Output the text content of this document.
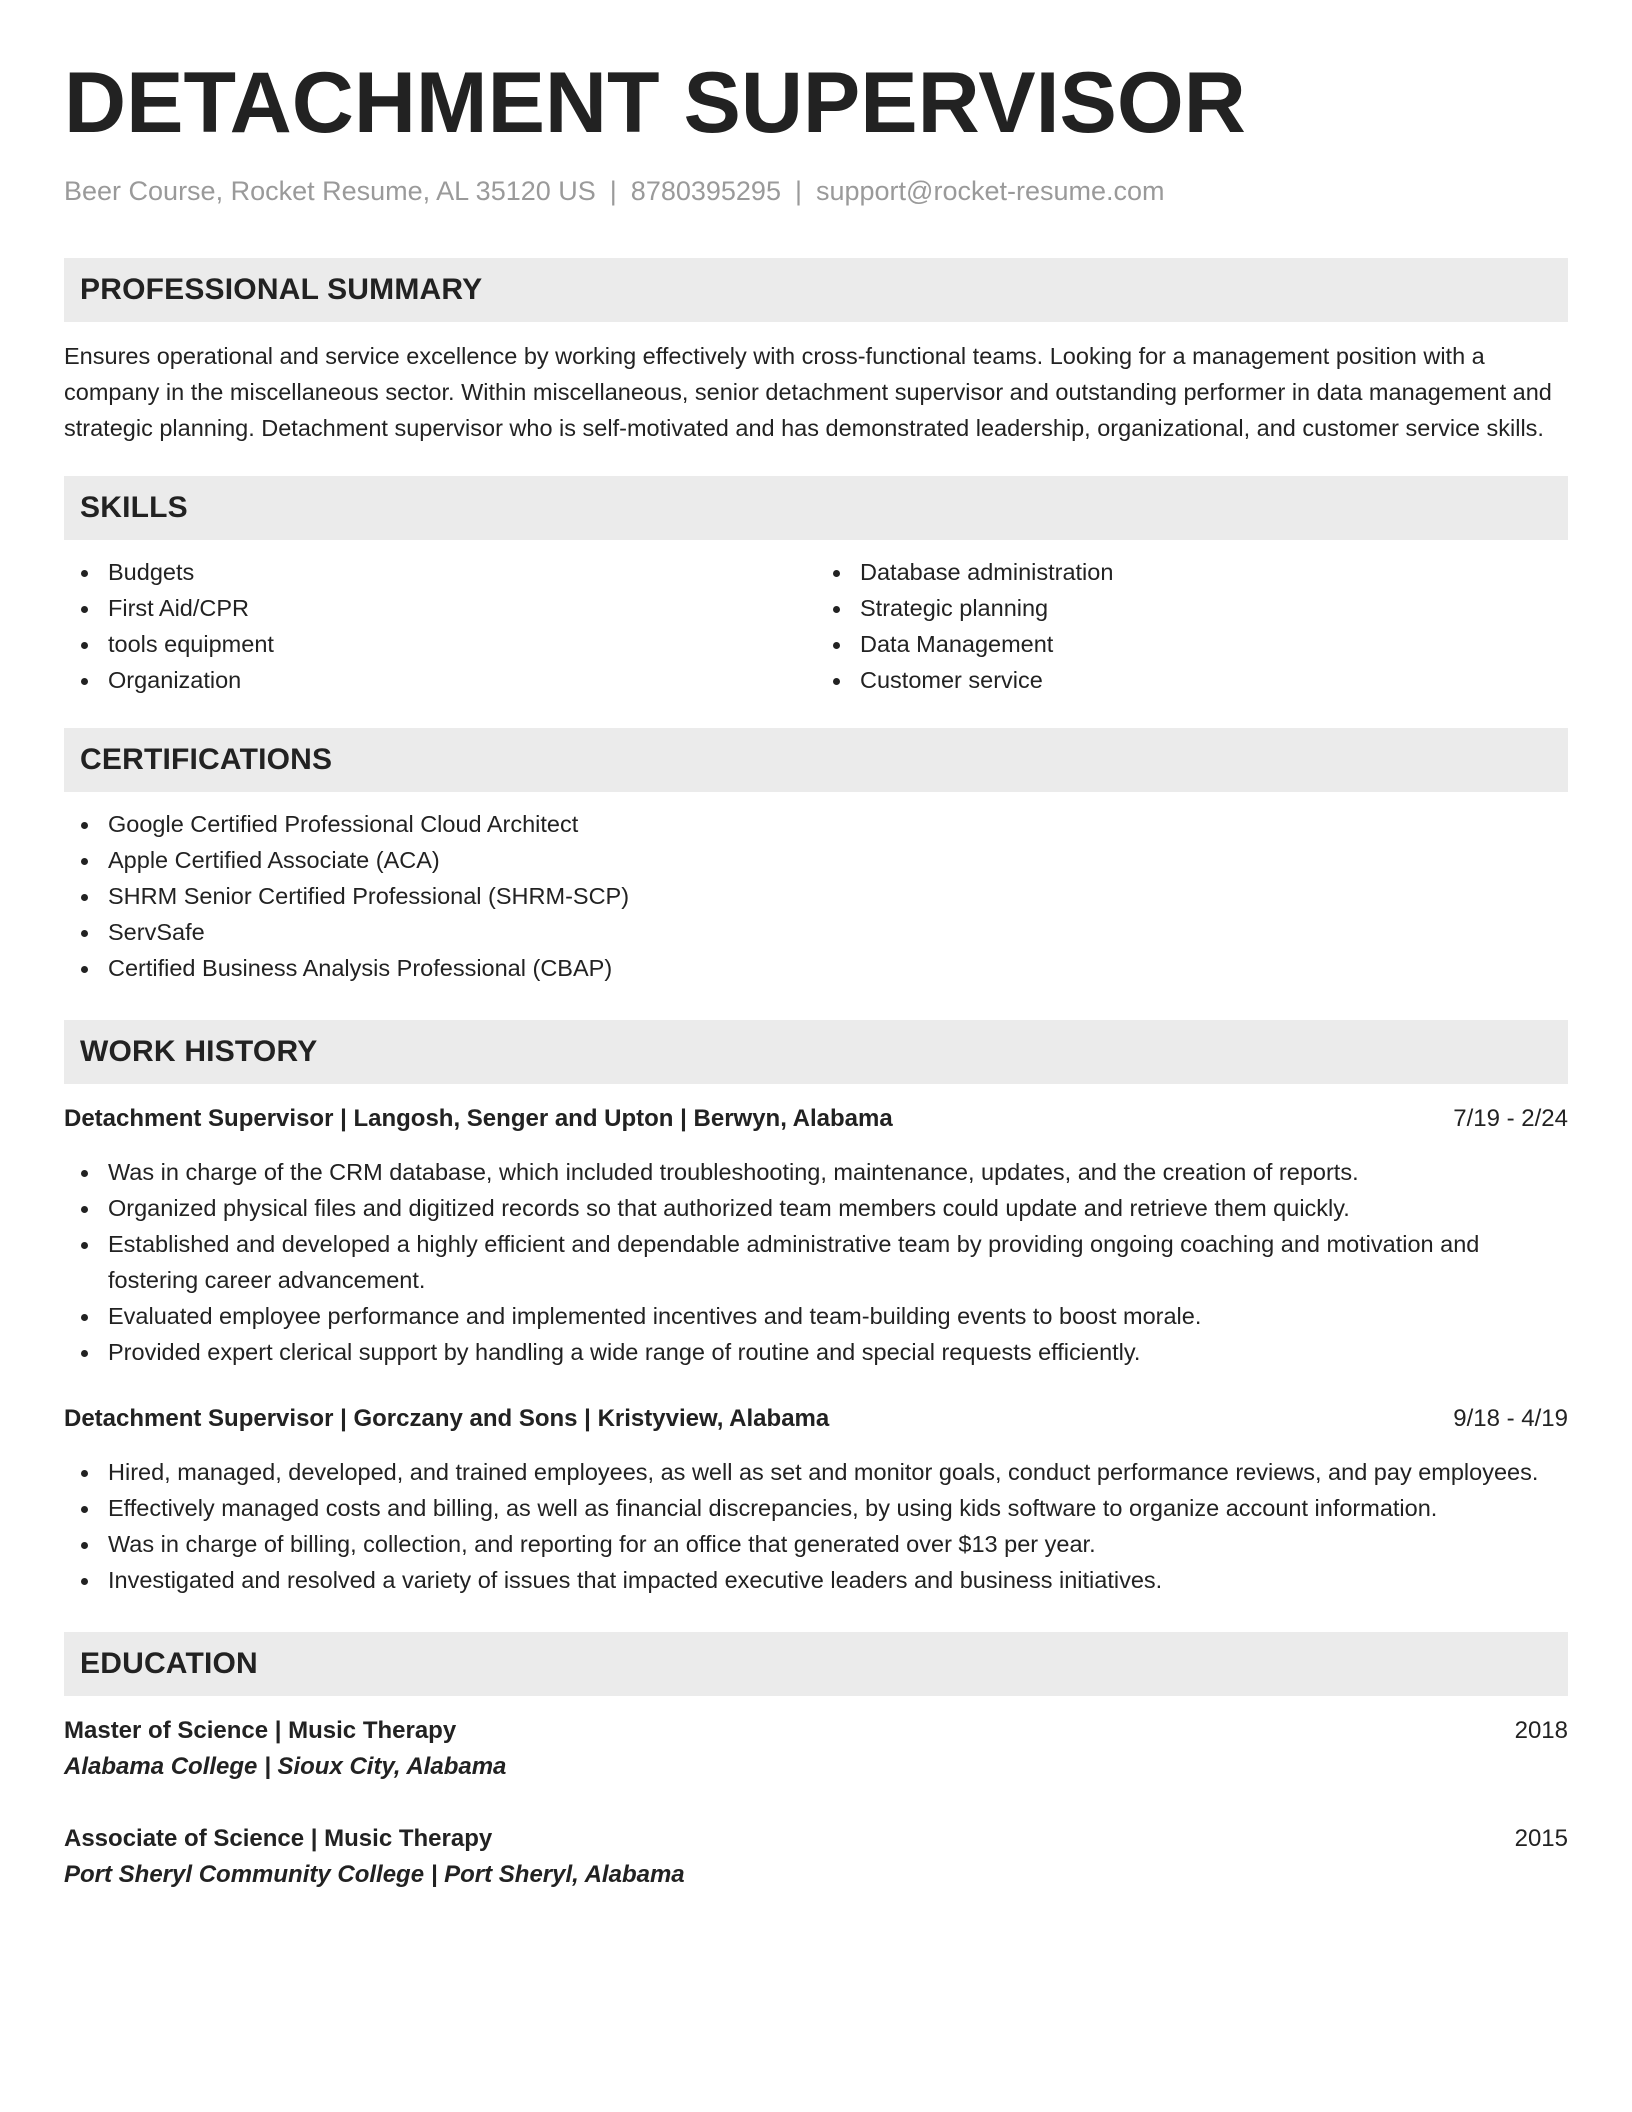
DETACHMENT SUPERVISOR
Beer Course, Rocket Resume, AL 35120 US | 8780395295 | support@rocket-resume.com
PROFESSIONAL SUMMARY

Ensures operational and service excellence by working effectively with cross-functional teams. Looking for a management position with a company in the miscellaneous sector. Within miscellaneous, senior detachment supervisor and outstanding performer in data management and strategic planning. Detachment supervisor who is self-motivated and has demonstrated leadership, organizational, and customer service skills.

SKILLS
Budgets
First Aid/CPR
tools equipment
Organization
Database administration
Strategic planning
Data Management
Customer service
CERTIFICATIONS
Google Certified Professional Cloud Architect
Apple Certified Associate (ACA)
SHRM Senior Certified Professional (SHRM-SCP)
ServSafe
Certified Business Analysis Professional (CBAP)
WORK HISTORY
Detachment Supervisor | Langosh, Senger and Upton | Berwyn, Alabama	7/19 - 2/24
Was in charge of the CRM database, which included troubleshooting, maintenance, updates, and the creation of reports.
Organized physical files and digitized records so that authorized team members could update and retrieve them quickly.
Established and developed a highly efficient and dependable administrative team by providing ongoing coaching and motivation and fostering career advancement.
Evaluated employee performance and implemented incentives and team-building events to boost morale.
Provided expert clerical support by handling a wide range of routine and special requests efficiently.
Detachment Supervisor | Gorczany and Sons | Kristyview, Alabama	9/18 - 4/19
Hired, managed, developed, and trained employees, as well as set and monitor goals, conduct performance reviews, and pay employees.
Effectively managed costs and billing, as well as financial discrepancies, by using kids software to organize account information.
Was in charge of billing, collection, and reporting for an office that generated over $13 per year.
Investigated and resolved a variety of issues that impacted executive leaders and business initiatives.
EDUCATION
Master of Science | Music Therapy	2018
Alabama College | Sioux City, Alabama
Associate of Science | Music Therapy	2015
Port Sheryl Community College | Port Sheryl, Alabama
